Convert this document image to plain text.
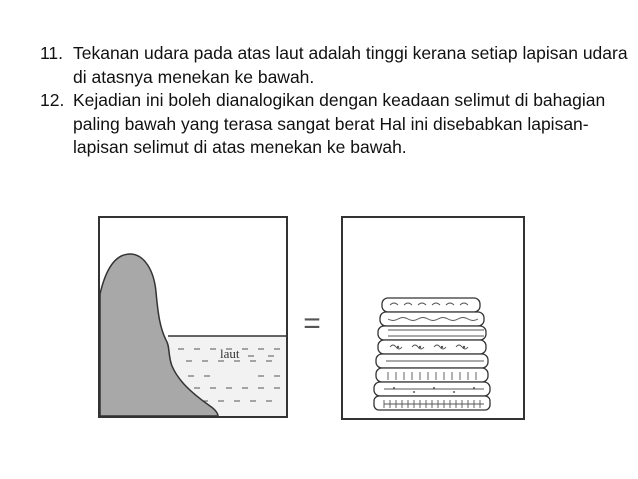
11. Tekanan udara pada atas laut adalah tinggi kerana setiap lapisan udara di atasnya menekan ke bawah.
12. Kejadian ini boleh dianalogikan dengan keadaan selimut di bahagian paling bawah yang terasa sangat berat Hal ini disebabkan lapisan-lapisan selimut di atas menekan ke bawah.
laut
=
